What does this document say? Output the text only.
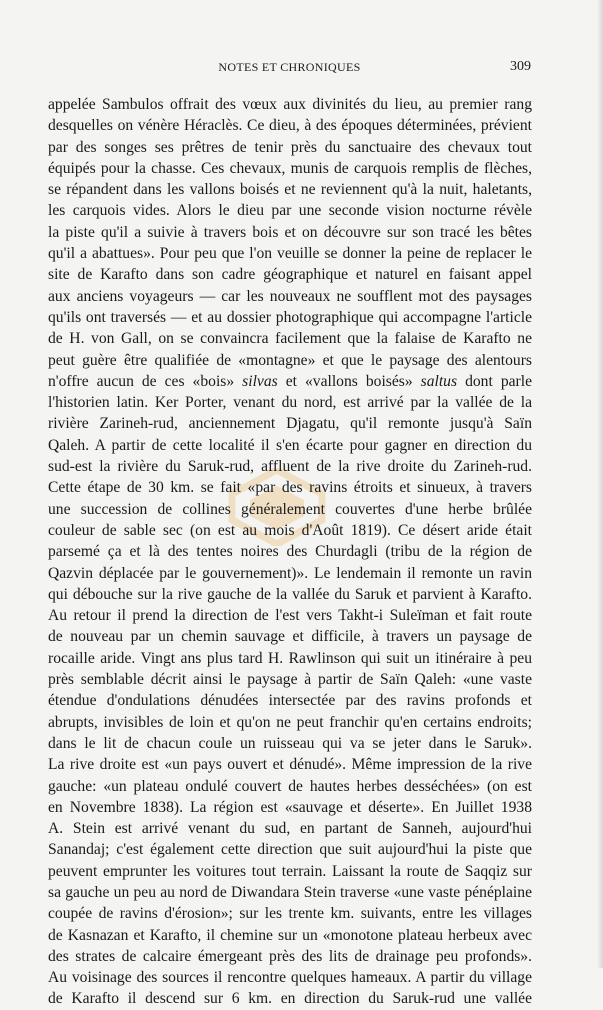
NOTES ET CHRONIQUES	309
appelée Sambulos offrait des vœux aux divinités du lieu, au premier rang
desquelles on vénère Héraclès. Ce dieu, à des époques déterminées, prévient
par des songes ses prêtres de tenir près du sanctuaire des chevaux tout
équipés pour la chasse. Ces chevaux, munis de carquois remplis de flèches,
se répandent dans les vallons boisés et ne reviennent qu'à la nuit, haletants,
les carquois vides. Alors le dieu par une seconde vision nocturne révèle
la piste qu'il a suivie à travers bois et on découvre sur son tracé les bêtes
qu'il a abattues». Pour peu que l'on veuille se donner la peine de replacer le
site de Karafto dans son cadre géographique et naturel en faisant appel
aux anciens voyageurs — car les nouveaux ne soufflent mot des paysages
qu'ils ont traversés — et au dossier photographique qui accompagne l'article
de H. von Gall, on se convaincra facilement que la falaise de Karafto ne
peut guère être qualifiée de «montagne» et que le paysage des alentours
n'offre aucun de ces «bois» silvas et «vallons boisés» saltus dont parle
l'historien latin. Ker Porter, venant du nord, est arrivé par la vallée de la
rivière Zarineh-rud, anciennement Djagatu, qu'il remonte jusqu'à Saïn
Qaleh. A partir de cette localité il s'en écarte pour gagner en direction du
sud-est la rivière du Saruk-rud, affluent de la rive droite du Zarineh-rud.
Cette étape de 30 km. se fait «par des ravins étroits et sinueux, à travers
une succession de collines généralement couvertes d'une herbe brûlée
couleur de sable sec (on est au mois d'Août 1819). Ce désert aride était
parsemé ça et là des tentes noires des Churdagli (tribu de la région de
Qazvin déplacée par le gouvernement)». Le lendemain il remonte un ravin
qui débouche sur la rive gauche de la vallée du Saruk et parvient à Karafto.
Au retour il prend la direction de l'est vers Takht-i Suleïman et fait route
de nouveau par un chemin sauvage et difficile, à travers un paysage de
rocaille aride. Vingt ans plus tard H. Rawlinson qui suit un itinéraire à peu
près semblable décrit ainsi le paysage à partir de Saïn Qaleh: «une vaste
étendue d'ondulations dénudées intersectée par des ravins profonds et
abrupts, invisibles de loin et qu'on ne peut franchir qu'en certains endroits;
dans le lit de chacun coule un ruisseau qui va se jeter dans le Saruk».
La rive droite est «un pays ouvert et dénudé». Même impression de la rive
gauche: «un plateau ondulé couvert de hautes herbes desséchées» (on est
en Novembre 1838). La région est «sauvage et déserte». En Juillet 1938
A. Stein est arrivé venant du sud, en partant de Sanneh, aujourd'hui
Sanandaj; c'est également cette direction que suit aujourd'hui la piste que
peuvent emprunter les voitures tout terrain. Laissant la route de Saqqiz sur
sa gauche un peu au nord de Diwandara Stein traverse «une vaste pénéplaine
coupée de ravins d'érosion»; sur les trente km. suivants, entre les villages
de Kasnazan et Karafto, il chemine sur un «monotone plateau herbeux avec
des strates de calcaire émergeant près des lits de drainage peu profonds».
Au voisinage des sources il rencontre quelques hameaux. A partir du village
de Karafto il descend sur 6 km. en direction du Saruk-rud une vallée
